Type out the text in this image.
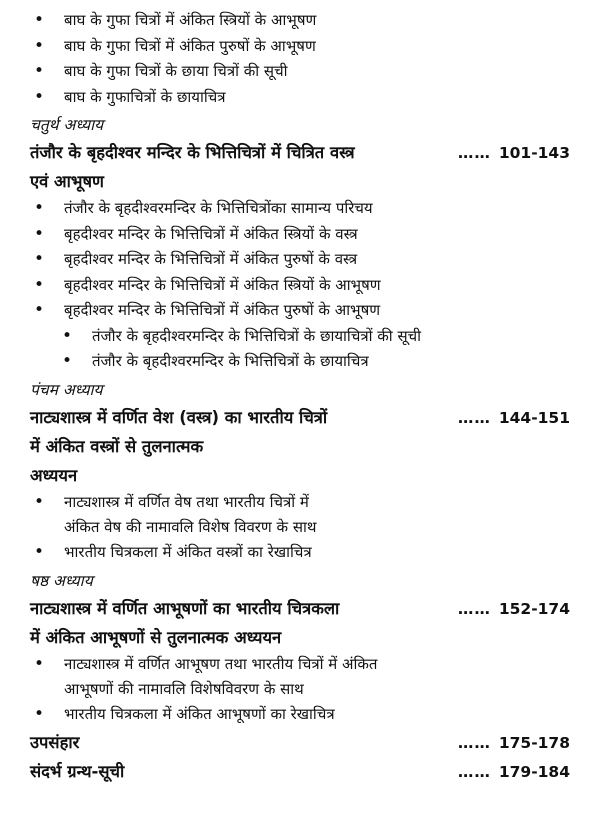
• बाघ के गुफा चित्रों में अंकित स्त्रियों के आभूषण
• बाघ के गुफा चित्रों में अंकित पुरुषों के आभूषण
• बाघ के गुफा चित्रों के छाया चित्रों की सूची
• बाघ के गुफाचित्रों के छायाचित्र
चतुर्थ अध्याय
तंजौर के बृहदीश्वर मन्दिर के भित्तिचित्रों में चित्रित वस्त्र	…… 101-143
एवं आभूषण
• तंजौर के बृहदीश्वरमन्दिर के भित्तिचित्रोंका सामान्य परिचय
• बृहदीश्वर मन्दिर के भित्तिचित्रों में अंकित स्त्रियों के वस्त्र
• बृहदीश्वर मन्दिर के भित्तिचित्रों में अंकित पुरुषों के वस्त्र
• बृहदीश्वर मन्दिर के भित्तिचित्रों में अंकित स्त्रियों के आभूषण
• बृहदीश्वर मन्दिर के भित्तिचित्रों में अंकित पुरुषों के आभूषण
• तंजौर के बृहदीश्वरमन्दिर के भित्तिचित्रों के छायाचित्रों की सूची
• तंजौर के बृहदीश्वरमन्दिर के भित्तिचित्रों के छायाचित्र
पंचम अध्याय
नाट्यशास्त्र में वर्णित वेश (वस्त्र) का भारतीय चित्रों	…… 144-151
में अंकित वस्त्रों से तुलनात्मक
अध्ययन
• नाट्यशास्त्र में वर्णित वेष तथा भारतीय चित्रों में
अंकित वेष की नामावलि विशेष विवरण के साथ
• भारतीय चित्रकला में अंकित वस्त्रों का रेखाचित्र
षष्ठ अध्याय
नाट्यशास्त्र में वर्णित आभूषणों का भारतीय चित्रकला	…… 152-174
में अंकित आभूषणों से तुलनात्मक अध्ययन
• नाट्यशास्त्र में वर्णित आभूषण तथा भारतीय चित्रों में अंकित
आभूषणों की नामावलि विशेषविवरण के साथ
• भारतीय चित्रकला में अंकित आभूषणों का रेखाचित्र
उपसंहार	…… 175-178
संदर्भ ग्रन्थ-सूची	…… 179-184
